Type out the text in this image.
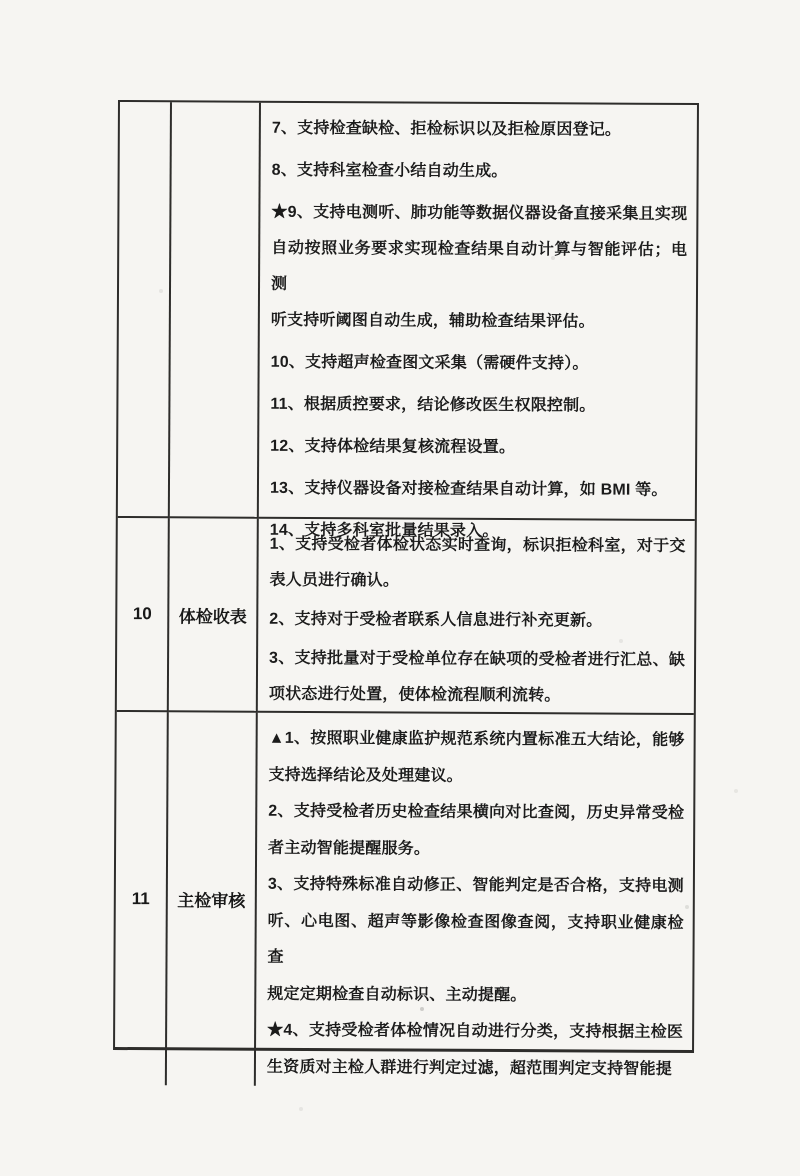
7、支持检查缺检、拒检标识以及拒检原因登记。
8、支持科室检查小结自动生成。
★9、支持电测听、肺功能等数据仪器设备直接采集且实现
自动按照业务要求实现检查结果自动计算与智能评估；电测
听支持听阈图自动生成，辅助检查结果评估。
10、支持超声检查图文采集（需硬件支持）。
11、根据质控要求，结论修改医生权限控制。
12、支持体检结果复核流程设置。
13、支持仪器设备对接检查结果自动计算，如 BMI 等。
14、支持多科室批量结果录入。
10	体检收表
1、支持受检者体检状态实时查询，标识拒检科室，对于交
表人员进行确认。
2、支持对于受检者联系人信息进行补充更新。
3、支持批量对于受检单位存在缺项的受检者进行汇总、缺
项状态进行处置，使体检流程顺利流转。
11	主检审核
▲1、按照职业健康监护规范系统内置标准五大结论，能够
支持选择结论及处理建议。
2、支持受检者历史检查结果横向对比查阅，历史异常受检
者主动智能提醒服务。
3、支持特殊标准自动修正、智能判定是否合格，支持电测
听、心电图、超声等影像检查图像查阅，支持职业健康检查
规定定期检查自动标识、主动提醒。
★4、支持受检者体检情况自动进行分类，支持根据主检医
生资质对主检人群进行判定过滤，超范围判定支持智能提
